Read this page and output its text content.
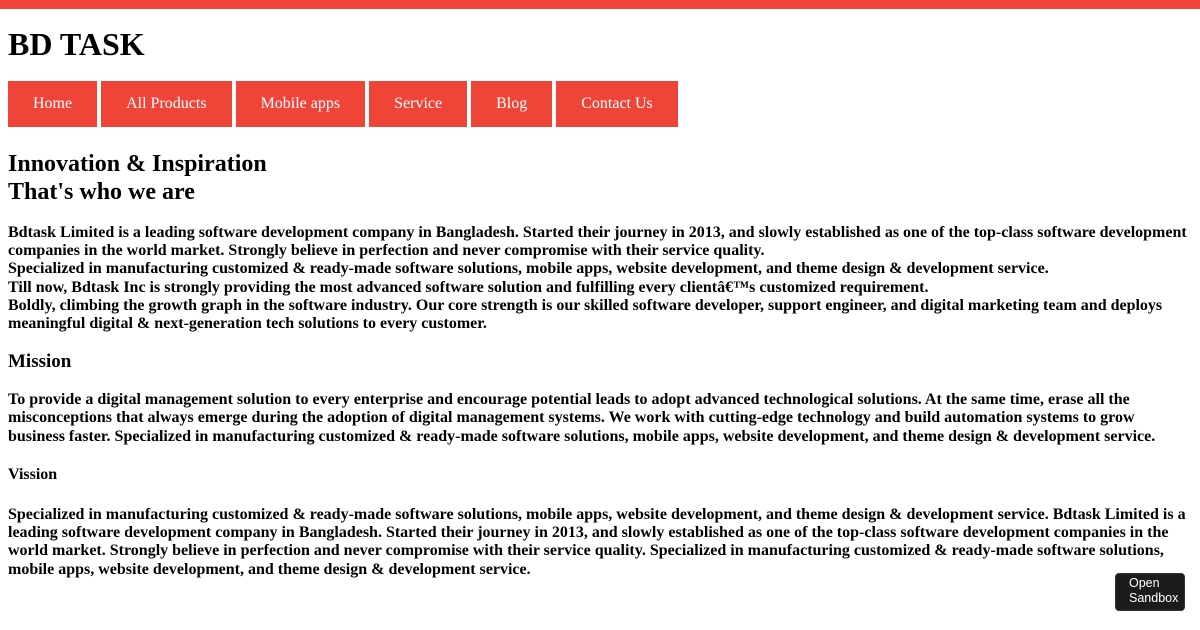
BD TASK
Home	All Products	Mobile apps	Service	Blog	Contact Us
Innovation & Inspiration
That's who we are

Bdtask Limited is a leading software development company in Bangladesh. Started their journey in 2013, and slowly established as one of the top-class software development companies in the world market. Strongly believe in perfection and never compromise with their service quality.
Specialized in manufacturing customized & ready-made software solutions, mobile apps, website development, and theme design & development service.
Till now, Bdtask Inc is strongly providing the most advanced software solution and fulfilling every clientâ€™s customized requirement.
Boldly, climbing the growth graph in the software industry. Our core strength is our skilled software developer, support engineer, and digital marketing team and deploys meaningful digital & next-generation tech solutions to every customer.

Mission

To provide a digital management solution to every enterprise and encourage potential leads to adopt advanced technological solutions. At the same time, erase all the misconceptions that always emerge during the adoption of digital management systems. We work with cutting-edge technology and build automation systems to grow business faster. Specialized in manufacturing customized & ready-made software solutions, mobile apps, website development, and theme design & development service.

Vission

Specialized in manufacturing customized & ready-made software solutions, mobile apps, website development, and theme design & development service. Bdtask Limited is a leading software development company in Bangladesh. Started their journey in 2013, and slowly established as one of the top-class software development companies in the world market. Strongly believe in perfection and never compromise with their service quality. Specialized in manufacturing customized & ready-made software solutions, mobile apps, website development, and theme design & development service.

Open Sandbox
